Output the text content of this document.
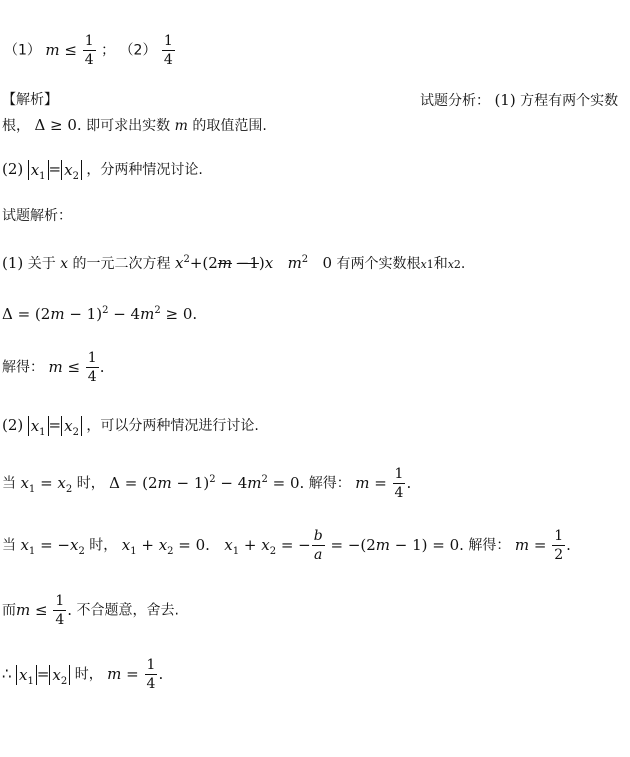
（1） $m \le \frac{1}{4}$ ； $(2) \frac{1}{4}$
【解析】	试题分析： (1) 方程有两个实数
根， Δ ≥ 0. 即可求出实数 m 的取值范围.
(2) $x_1 = x_2$ ，分两种情况讨论.
试题解析：
(1) 关于 x 的一元二次方程 $x^2+(2m -1)x$ $m^2$   0 有两个实数根x1和x2.
$\Delta = (2m - 1)^2 - 4m^2 \ge 0$.
解得： $m \le \frac{1}{4}$ .
(2) $x_1 = x_2$ ，可以分两种情况进行讨论.
当 $x_1 = x_2$ 时， $\Delta = (2m - 1)^2 - 4m^2 = 0$. 解得： $m = \frac{1}{4}$ .
当 $x_1 = -x_2$ 时， $x_1 + x_2 = 0$.   $x_1 + x_2$ = − $\frac{b}{a} = -(2m - 1) = 0$. 解得： $m = \frac{1}{2}$ .
而$m \le \frac{1}{4}$ . 不合题意，舍去.
∴ $x_1 = x_2$ 时， $m = \frac{1}{4}$ .
